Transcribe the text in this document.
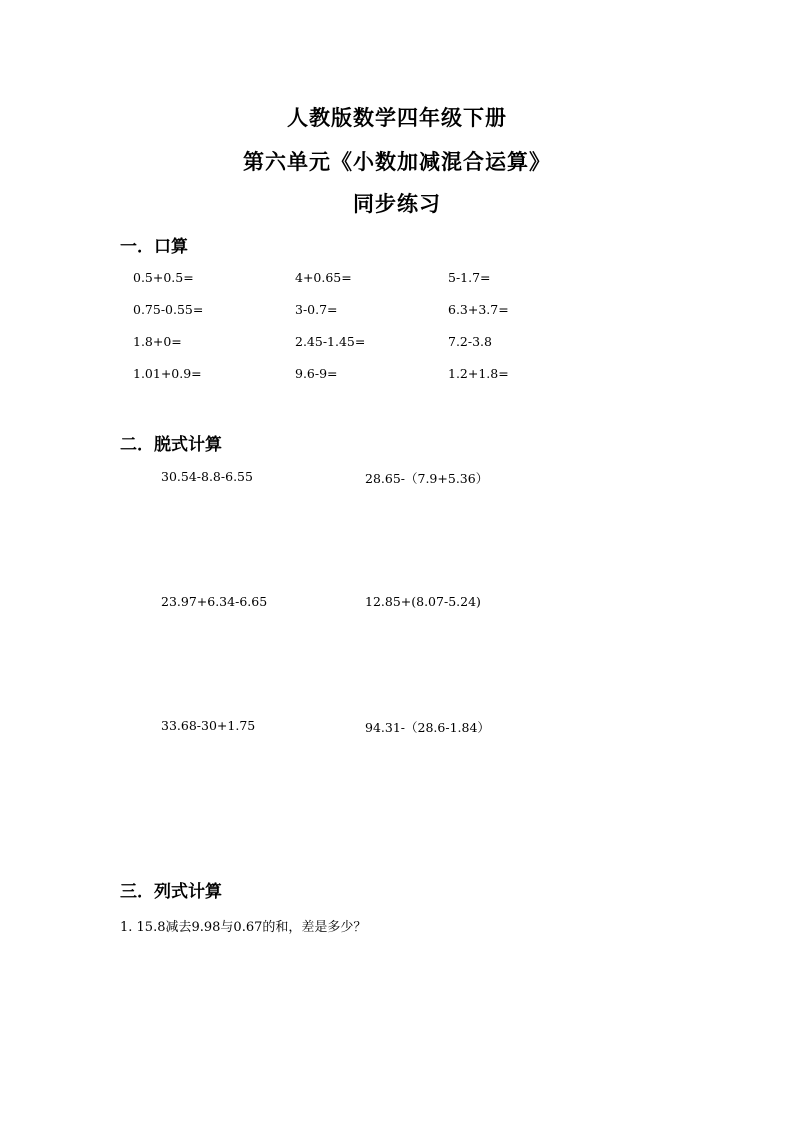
人教版数学四年级下册
第六单元《小数加减混合运算》
同步练习
一．口算
0.5+0.5=	4+0.65=	5-1.7=
0.75-0.55=	3-0.7=	6.3+3.7=
1.8+0=	2.45-1.45=	7.2-3.8
1.01+0.9=	9.6-9=	1.2+1.8=
二．脱式计算
30.54-8.8-6.55	28.65-（7.9+5.36）
23.97+6.34-6.65	12.85+(8.07-5.24)
33.68-30+1.75	94.31-（28.6-1.84）
三．列式计算
1. 15.8减去9.98与0.67的和，差是多少？
